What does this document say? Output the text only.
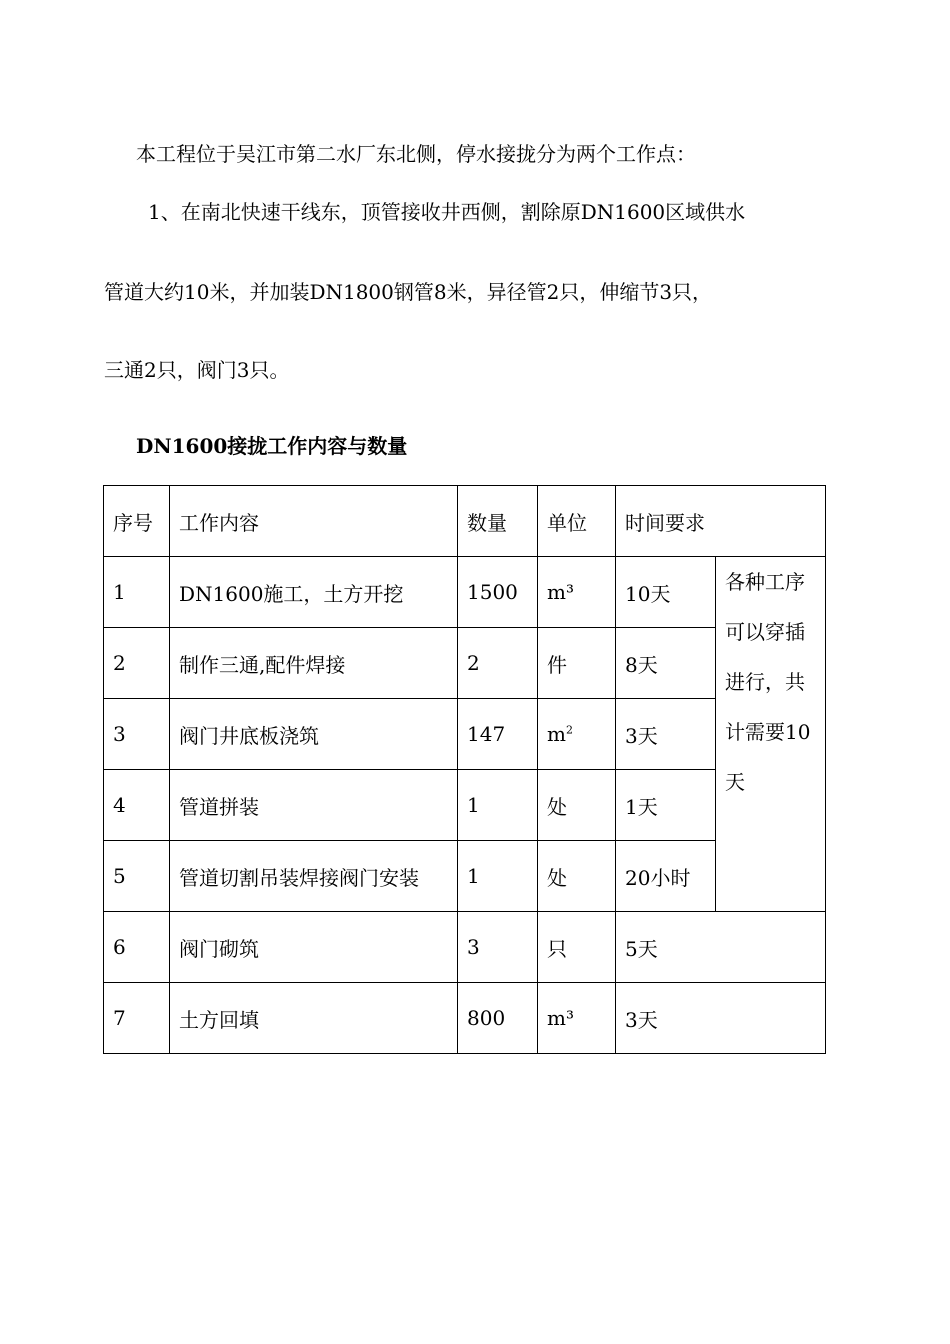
本工程位于吴江市第二水厂东北侧，停水接拢分为两个工作点：

1、在南北快速干线东，顶管接收井西侧，割除原DN1600区域供水

管道大约10米，并加装DN1800钢管8米，异径管2只，伸缩节3只，

三通2只，阀门3只。

DN1600接拢工作内容与数量

序号	工作内容	数量	单位	时间要求	
1	DN1600施工，土方开挖	1500	m³	10天	各种工序可以穿插进行，共计需要10天
2	制作三通,配件焊接	2	件	8天	
3	阀门井底板浇筑	147	$m^2$	3天	
4	管道拼装	1	处	1天	
5	管道切割吊装焊接阀门安装	1	处	20小时	
6	阀门砌筑	3	只	5天	
7	土方回填	800	m³	3天	
